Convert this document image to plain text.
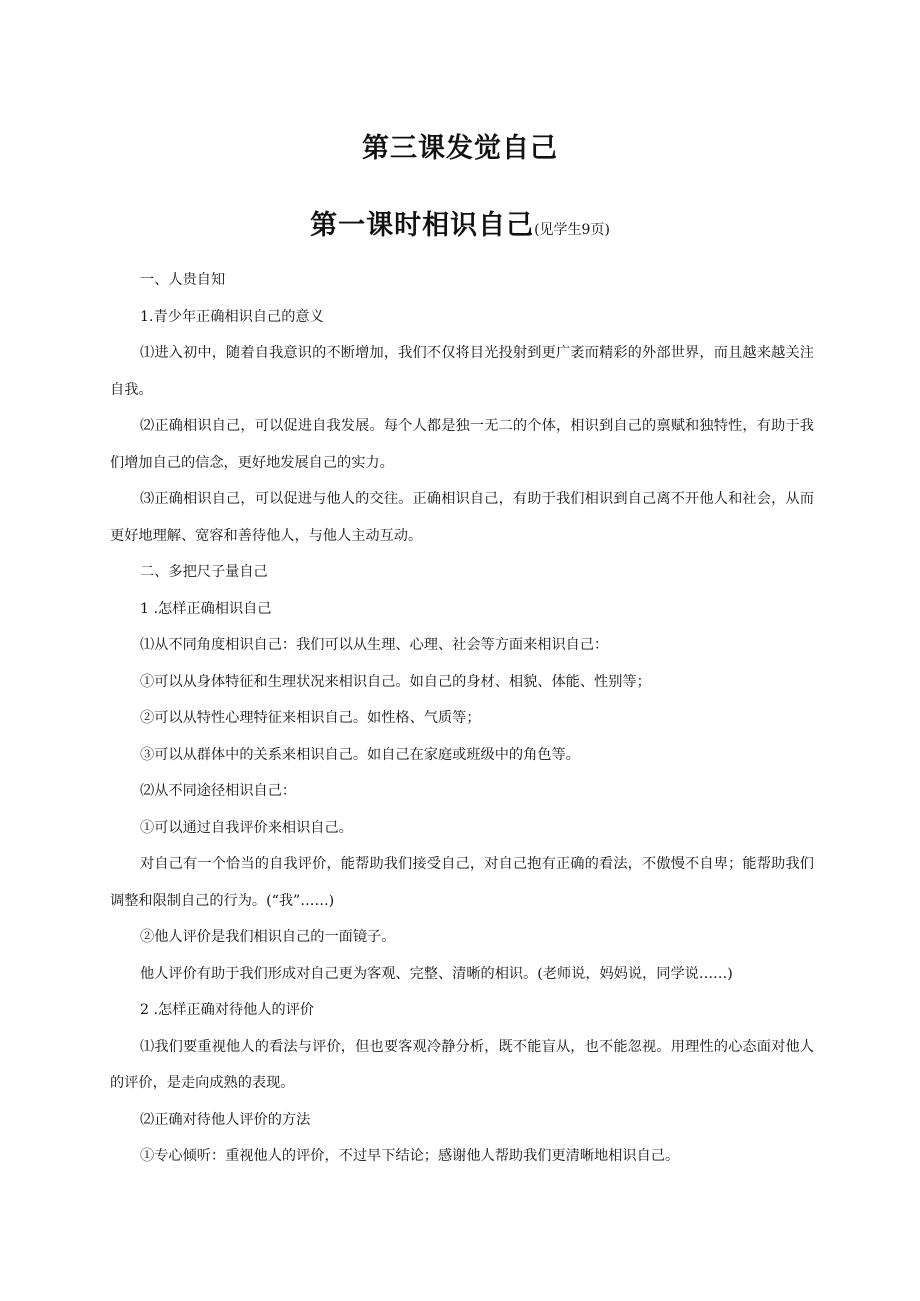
第三课发觉自己
第一课时相识自己(见学生9页)

一、人贵自知

1.青少年正确相识自己的意义

⑴进入初中，随着自我意识的不断增加，我们不仅将目光投射到更广袤而精彩的外部世界，而且越来越关注自我。

⑵正确相识自己，可以促进自我发展。每个人都是独一无二的个体，相识到自己的禀赋和独特性，有助于我们增加自己的信念，更好地发展自己的实力。

⑶正确相识自己，可以促进与他人的交往。正确相识自己，有助于我们相识到自己离不开他人和社会，从而更好地理解、宽容和善待他人，与他人主动互动。

二、多把尺子量自己

1 .怎样正确相识自己

⑴从不同角度相识自己：我们可以从生理、心理、社会等方面来相识自己：

①可以从身体特征和生理状况来相识自己。如自己的身材、相貌、体能、性别等；

②可以从特性心理特征来相识自己。如性格、气质等；

③可以从群体中的关系来相识自己。如自己在家庭或班级中的角色等。

⑵从不同途径相识自己：

①可以通过自我评价来相识自己。

对自己有一个恰当的自我评价，能帮助我们接受自己，对自己抱有正确的看法，不傲慢不自卑；能帮助我们调整和限制自己的行为。(“我”……)

②他人评价是我们相识自己的一面镜子。

他人评价有助于我们形成对自己更为客观、完整、清晰的相识。(老师说，妈妈说，同学说……)

2 .怎样正确对待他人的评价

⑴我们要重视他人的看法与评价，但也要客观冷静分析，既不能盲从，也不能忽视。用理性的心态面对他人的评价，是走向成熟的表现。

⑵正确对待他人评价的方法

①专心倾听：重视他人的评价，不过早下结论；感谢他人帮助我们更清晰地相识自己。
